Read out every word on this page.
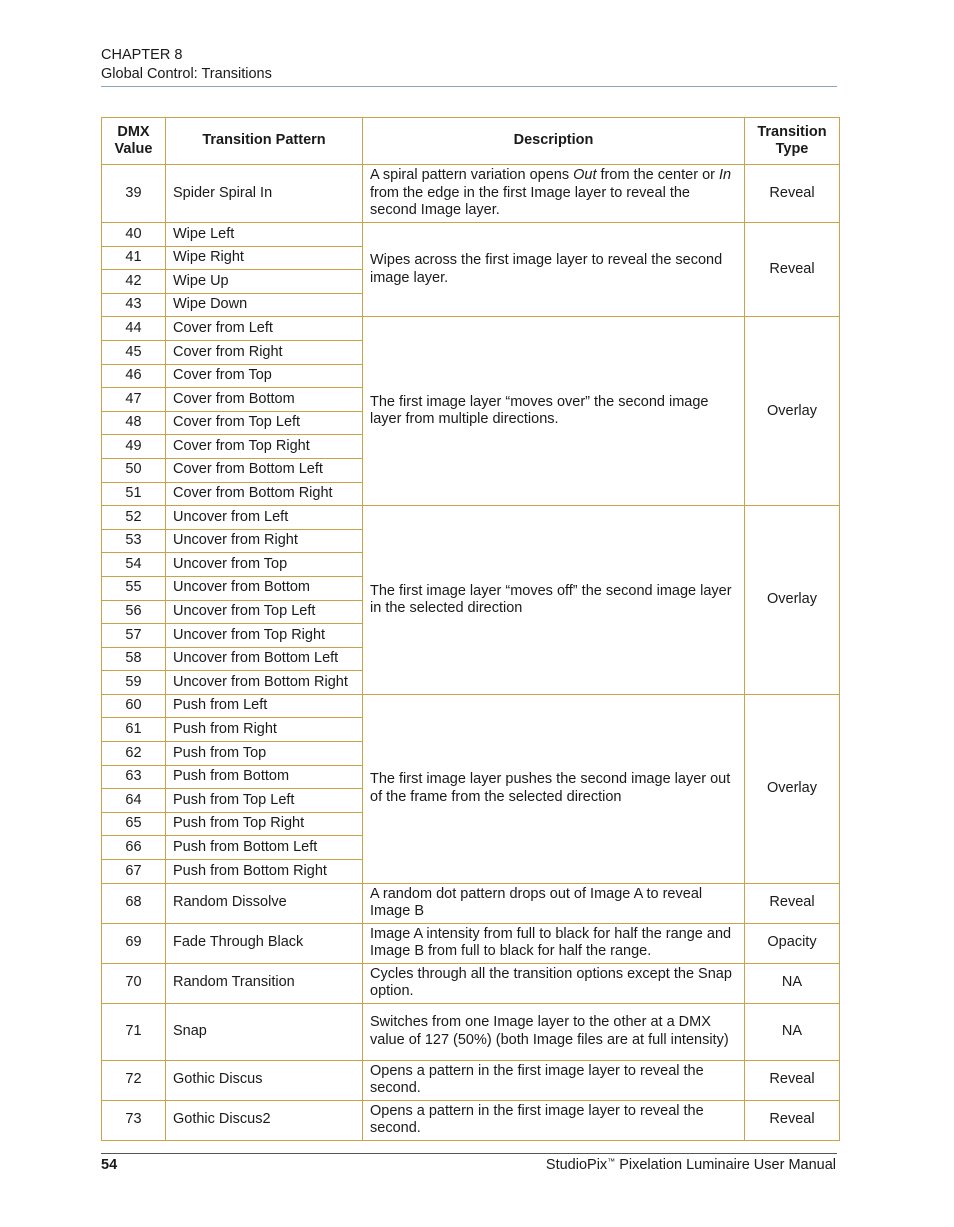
CHAPTER 8
Global Control: Transitions
DMX Value	Transition Pattern	Description	Transition Type
39	Spider Spiral In	A spiral pattern variation opens Out from the center or In from the edge in the first Image layer to reveal the second Image layer.	Reveal
40	Wipe Left	Wipes across the first image layer to reveal the second image layer.	Reveal
41	Wipe Right		
42	Wipe Up		
43	Wipe Down		
44	Cover from Left	The first image layer “moves over” the second image layer from multiple directions.	Overlay
45	Cover from Right		
46	Cover from Top		
47	Cover from Bottom		
48	Cover from Top Left		
49	Cover from Top Right		
50	Cover from Bottom Left		
51	Cover from Bottom Right		
52	Uncover from Left	The first image layer “moves off” the second image layer in the selected direction	Overlay
53	Uncover from Right		
54	Uncover from Top		
55	Uncover from Bottom		
56	Uncover from Top Left		
57	Uncover from Top Right		
58	Uncover from Bottom Left		
59	Uncover from Bottom Right		
60	Push from Left	The first image layer pushes the second image layer out of the frame from the selected direction	Overlay
61	Push from Right		
62	Push from Top		
63	Push from Bottom		
64	Push from Top Left		
65	Push from Top Right		
66	Push from Bottom Left		
67	Push from Bottom Right		
68	Random Dissolve	A random dot pattern drops out of Image A to reveal Image B	Reveal
69	Fade Through Black	Image A intensity from full to black for half the range and Image B from full to black for half the range.	Opacity
70	Random Transition	Cycles through all the transition options except the Snap option.	NA
71	Snap	Switches from one Image layer to the other at a DMX value of 127 (50%) (both Image files are at full intensity)	NA
72	Gothic Discus	Opens a pattern in the first image layer to reveal the second.	Reveal
73	Gothic Discus2	Opens a pattern in the first image layer to reveal the second.	Reveal
54	StudioPix™ Pixelation Luminaire User Manual
